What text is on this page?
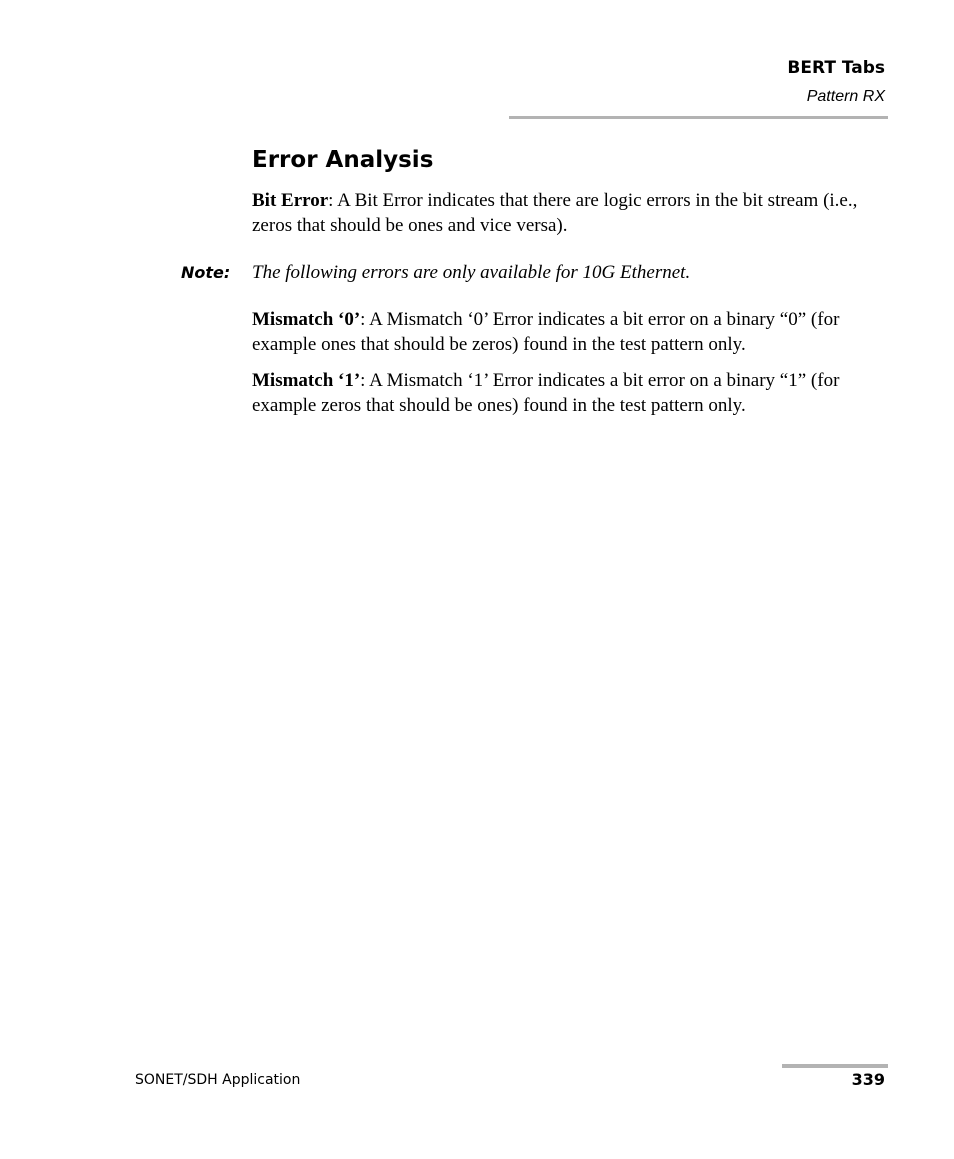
BERT Tabs
Pattern RX
Error Analysis
Bit Error: A Bit Error indicates that there are logic errors in the bit stream (i.e., zeros that should be ones and vice versa).
Note: The following errors are only available for 10G Ethernet.
Mismatch ‘0’: A Mismatch ‘0’ Error indicates a bit error on a binary “0” (for example ones that should be zeros) found in the test pattern only.
Mismatch ‘1’: A Mismatch ‘1’ Error indicates a bit error on a binary “1” (for example zeros that should be ones) found in the test pattern only.
SONET/SDH Application	339
